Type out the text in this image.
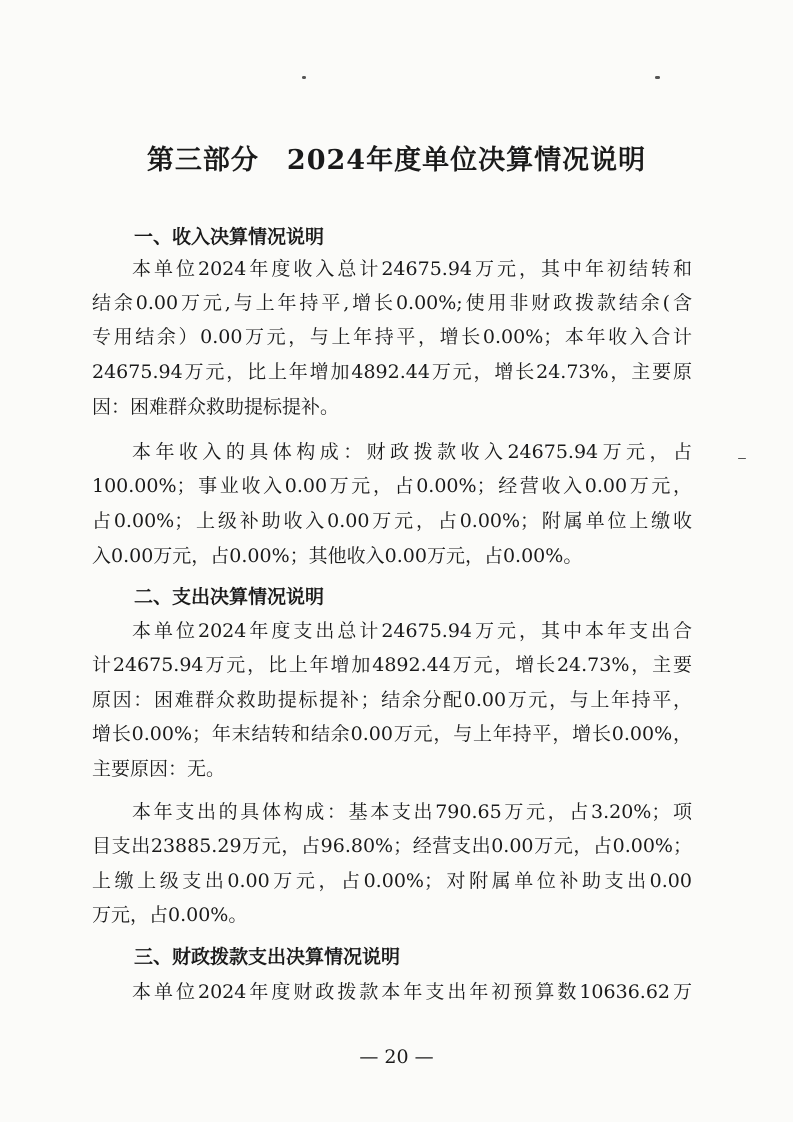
第三部分　2024年度单位决算情况说明
一、收入决算情况说明
本单位2024年度收入总计24675.94万元，其中年初结转和
结余0.00万元,与上年持平,增长0.00%;使用非财政拨款结余(含
专用结余）0.00万元，与上年持平，增长0.00%；本年收入合计
24675.94万元，比上年增加4892.44万元，增长24.73%，主要原
因：困难群众救助提标提补。
本年收入的具体构成：财政拨款收入24675.94万元，占
100.00%；事业收入0.00万元，占0.00%；经营收入0.00万元，
占0.00%；上级补助收入0.00万元，占0.00%；附属单位上缴收
入0.00万元，占0.00%；其他收入0.00万元，占0.00%。
二、支出决算情况说明
本单位2024年度支出总计24675.94万元，其中本年支出合
计24675.94万元，比上年增加4892.44万元，增长24.73%，主要
原因：困难群众救助提标提补；结余分配0.00万元，与上年持平，
增长0.00%；年末结转和结余0.00万元，与上年持平，增长0.00%，
主要原因：无。
本年支出的具体构成：基本支出790.65万元，占3.20%；项
目支出23885.29万元，占96.80%；经营支出0.00万元，占0.00%；
上缴上级支出0.00万元，占0.00%；对附属单位补助支出0.00
万元，占0.00%。
三、财政拨款支出决算情况说明
本单位2024年度财政拨款本年支出年初预算数10636.62万
— 20 —
